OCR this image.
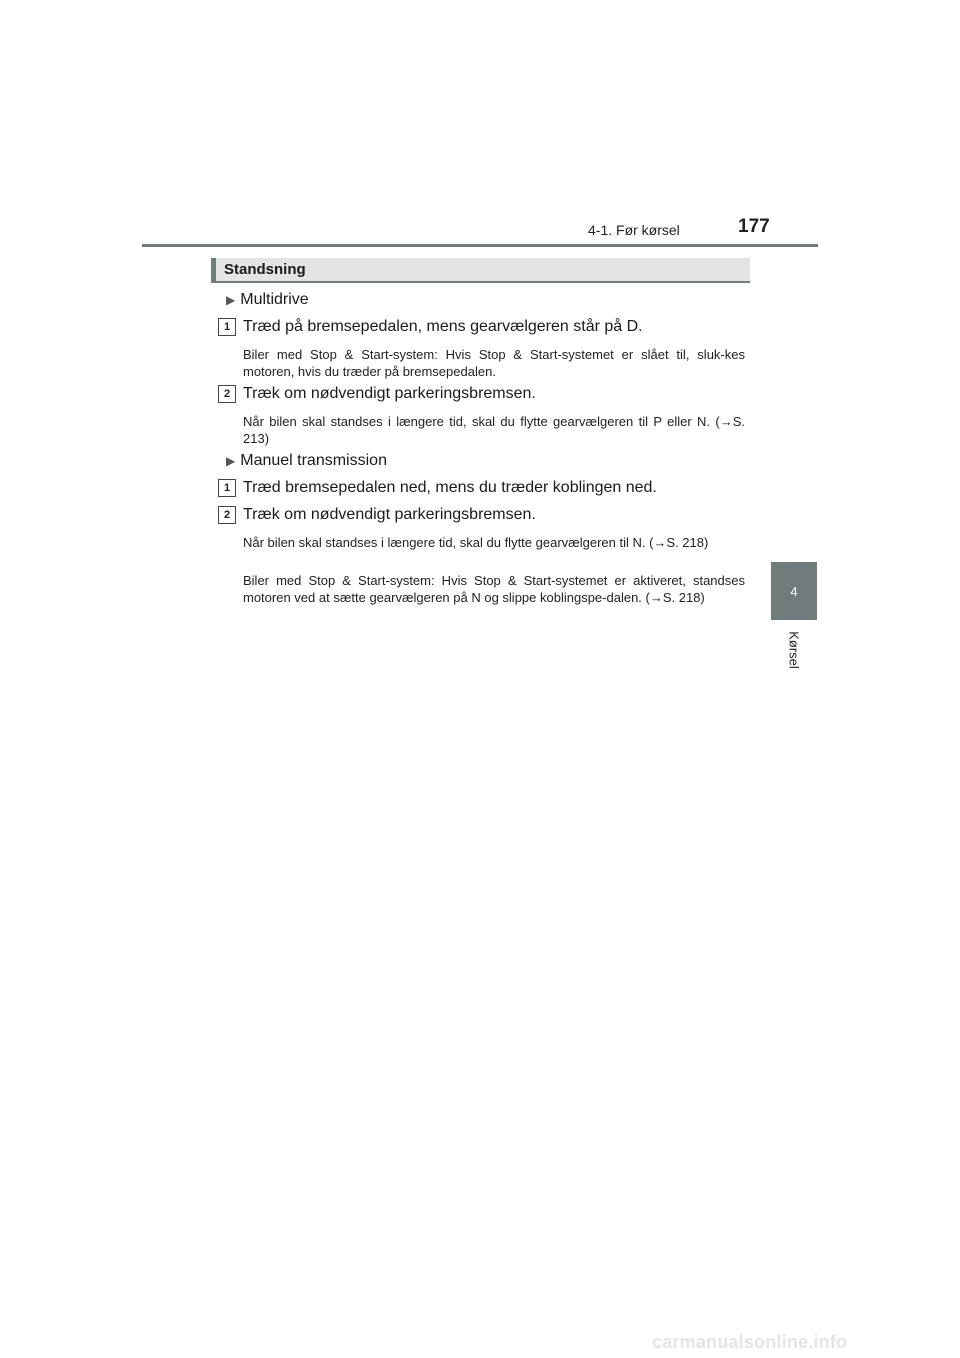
4-1. Før kørsel	177
4
Kørsel
Standsning
▶ Multidrive
1 Træd på bremsepedalen, mens gearvælgeren står på D.
Biler med Stop & Start-system: Hvis Stop & Start-systemet er slået til, sluk-kes motoren, hvis du træder på bremsepedalen.
2 Træk om nødvendigt parkeringsbremsen.
Når bilen skal standses i længere tid, skal du flytte gearvælgeren til P eller N. (→S. 213)
▶ Manuel transmission
1 Træd bremsepedalen ned, mens du træder koblingen ned.
2 Træk om nødvendigt parkeringsbremsen.
Når bilen skal standses i længere tid, skal du flytte gearvælgeren til N. (→S. 218)
Biler med Stop & Start-system: Hvis Stop & Start-systemet er aktiveret, standses motoren ved at sætte gearvælgeren på N og slippe koblingspe-dalen. (→S. 218)
carmanualsonline.info
